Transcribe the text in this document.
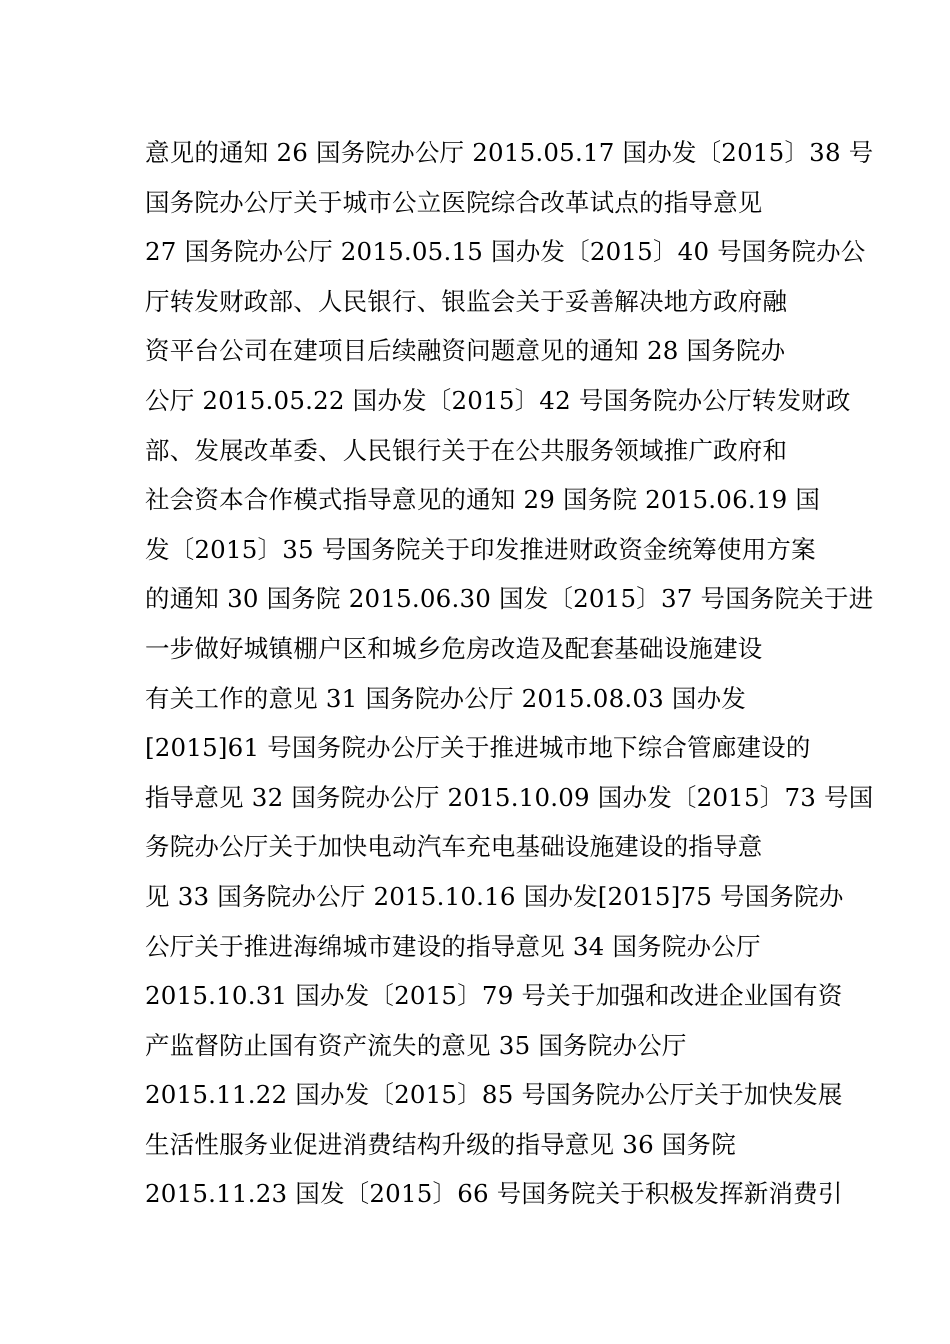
意见的通知 26 国务院办公厅 2015.05.17 国办发〔2015〕38 号
国务院办公厅关于城市公立医院综合改革试点的指导意见
27 国务院办公厅 2015.05.15 国办发〔2015〕40 号国务院办公
厅转发财政部、人民银行、银监会关于妥善解决地方政府融
资平台公司在建项目后续融资问题意见的通知 28 国务院办
公厅 2015.05.22 国办发〔2015〕42 号国务院办公厅转发财政
部、发展改革委、人民银行关于在公共服务领域推广政府和
社会资本合作模式指导意见的通知 29 国务院 2015.06.19 国
发〔2015〕35 号国务院关于印发推进财政资金统筹使用方案
的通知 30 国务院 2015.06.30 国发〔2015〕37 号国务院关于进
一步做好城镇棚户区和城乡危房改造及配套基础设施建设
有关工作的意见 31 国务院办公厅 2015.08.03 国办发
[2015]61 号国务院办公厅关于推进城市地下综合管廊建设的
指导意见 32 国务院办公厅 2015.10.09 国办发〔2015〕73 号国
务院办公厅关于加快电动汽车充电基础设施建设的指导意
见 33 国务院办公厅 2015.10.16 国办发[2015]75 号国务院办
公厅关于推进海绵城市建设的指导意见 34 国务院办公厅
2015.10.31 国办发〔2015〕79 号关于加强和改进企业国有资
产监督防止国有资产流失的意见 35 国务院办公厅
2015.11.22 国办发〔2015〕85 号国务院办公厅关于加快发展
生活性服务业促进消费结构升级的指导意见 36 国务院
2015.11.23 国发〔2015〕66 号国务院关于积极发挥新消费引
